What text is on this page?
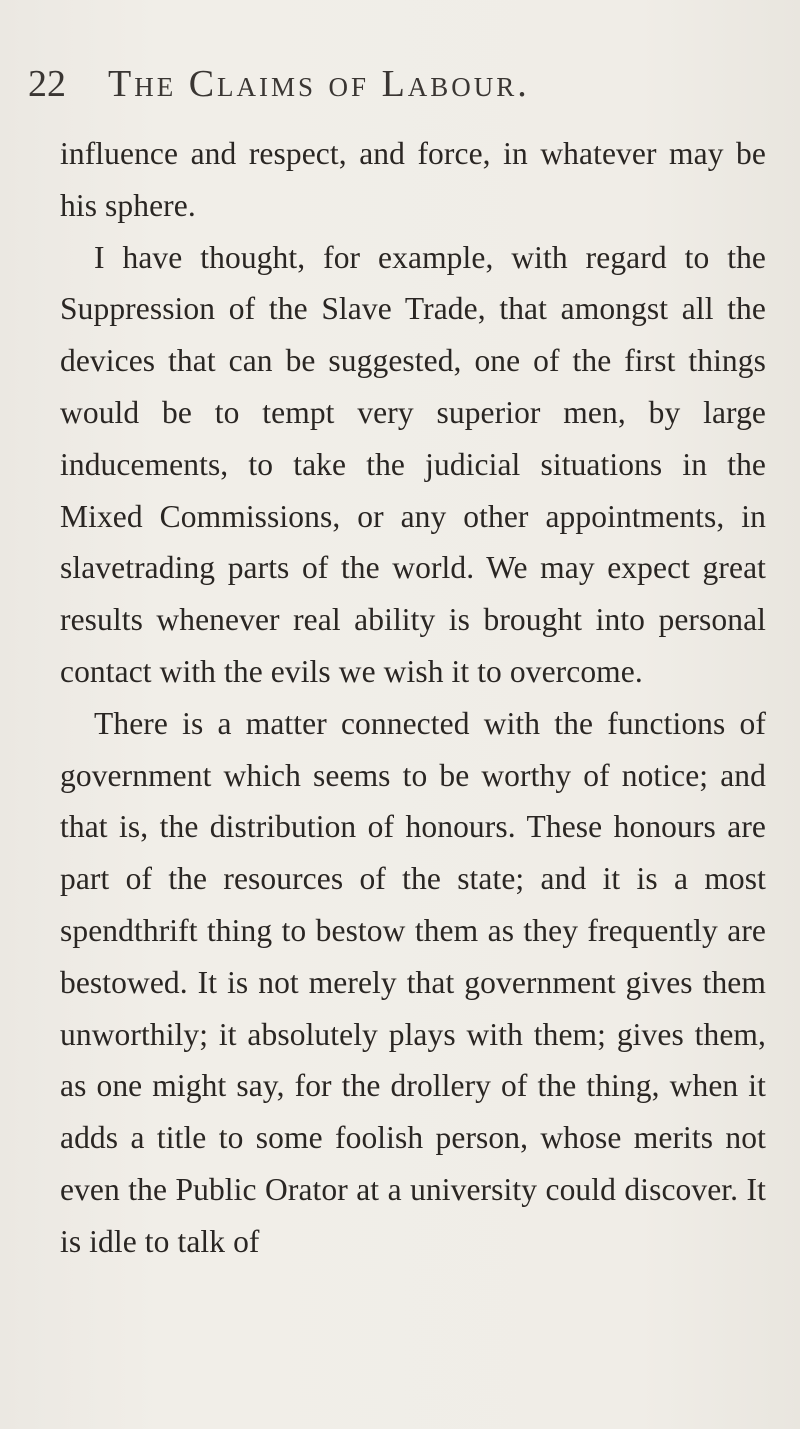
22 The Claims of Labour.

influence and respect, and force, in whatever may be his sphere.

I have thought, for example, with regard to the Suppression of the Slave Trade, that amongst all the devices that can be suggested, one of the first things would be to tempt very superior men, by large inducements, to take the judicial situations in the Mixed Commissions, or any other appointments, in slavetrading parts of the world. We may expect great results whenever real ability is brought into personal contact with the evils we wish it to overcome.

There is a matter connected with the functions of government which seems to be worthy of notice; and that is, the distribution of honours. These honours are part of the resources of the state; and it is a most spendthrift thing to bestow them as they frequently are bestowed. It is not merely that government gives them unworthily; it absolutely plays with them; gives them, as one might say, for the drollery of the thing, when it adds a title to some foolish person, whose merits not even the Public Orator at a university could discover. It is idle to talk of
